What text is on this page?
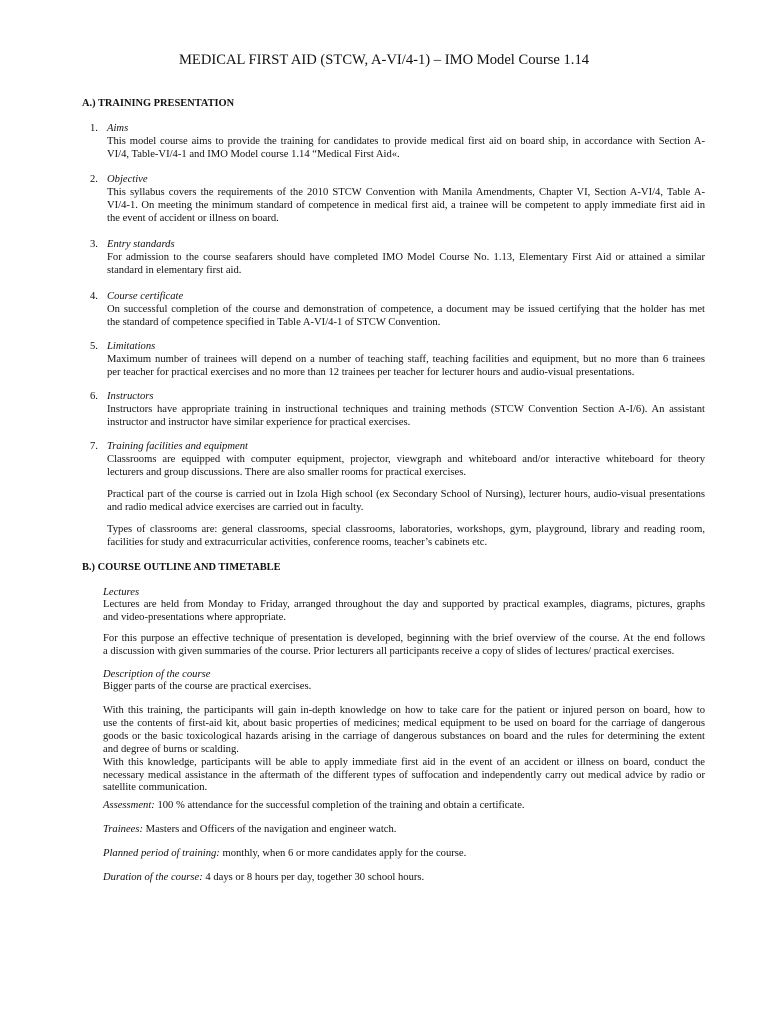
MEDICAL FIRST AID (STCW, A-VI/4-1) – IMO Model Course 1.14
A.) TRAINING PRESENTATION
1. Aims
This model course aims to provide the training for candidates to provide medical first aid on board ship, in accordance with Section A-
VI/4, Table-VI/4-1 and IMO Model course 1.14 “Medical First Aid«.
2. Objective
This syllabus covers the requirements of the 2010 STCW Convention with Manila Amendments, Chapter VI, Section A-VI/4, Table A-
VI/4-1. On meeting the minimum standard of competence in medical first aid, a trainee will be competent to apply immediate first aid in
the event of accident or illness on board.
3. Entry standards
For admission to the course seafarers should have completed IMO Model Course No. 1.13, Elementary First Aid or attained a similar
standard in elementary first aid.
4. Course certificate
On successful completion of the course and demonstration of competence, a document may be issued certifying that the holder has met
the standard of competence specified in Table A-VI/4-1 of STCW Convention.
5. Limitations
Maximum number of trainees will depend on a number of teaching staff, teaching facilities and equipment, but no more than 6 trainees
per teacher for practical exercises and no more than 12 trainees per teacher for lecturer hours and audio-visual presentations.
6. Instructors
Instructors have appropriate training in instructional techniques and training methods (STCW Convention Section A-I/6). An assistant
instructor and instructor have similar experience for practical exercises.
7. Training facilities and equipment
Classrooms are equipped with computer equipment, projector, viewgraph and whiteboard and/or interactive whiteboard for theory
lecturers and group discussions. There are also smaller rooms for practical exercises.
Practical part of the course is carried out in Izola High school (ex Secondary School of Nursing), lecturer hours, audio-visual presentations
and radio medical advice exercises are carried out in faculty.
Types of classrooms are: general classrooms, special classrooms, laboratories, workshops, gym, playground, library and reading room,
facilities for study and extracurricular activities, conference rooms, teacher’s cabinets etc.
B.) COURSE OUTLINE AND TIMETABLE
Lectures
Lectures are held from Monday to Friday, arranged throughout the day and supported by practical examples, diagrams, pictures, graphs
and video-presentations where appropriate.
For this purpose an effective technique of presentation is developed, beginning with the brief overview of the course. At the end follows
a discussion with given summaries of the course. Prior lecturers all participants receive a copy of slides of lectures/ practical exercises.
Description of the course
Bigger parts of the course are practical exercises.
With this training, the participants will gain in-depth knowledge on how to take care for the patient or injured person on board, how to
use the contents of first-aid kit, about basic properties of medicines; medical equipment to be used on board for the carriage of dangerous
goods or the basic toxicological hazards arising in the carriage of dangerous substances on board and the rules for determining the extent
and degree of burns or scalding.
With this knowledge, participants will be able to apply immediate first aid in the event of an accident or illness on board, conduct the
necessary medical assistance in the aftermath of the different types of suffocation and independently carry out medical advice by radio or
satellite communication.
Assessment: 100 % attendance for the successful completion of the training and obtain a certificate.
Trainees: Masters and Officers of the navigation and engineer watch.
Planned period of training: monthly, when 6 or more candidates apply for the course.
Duration of the course: 4 days or 8 hours per day, together 30 school hours.
